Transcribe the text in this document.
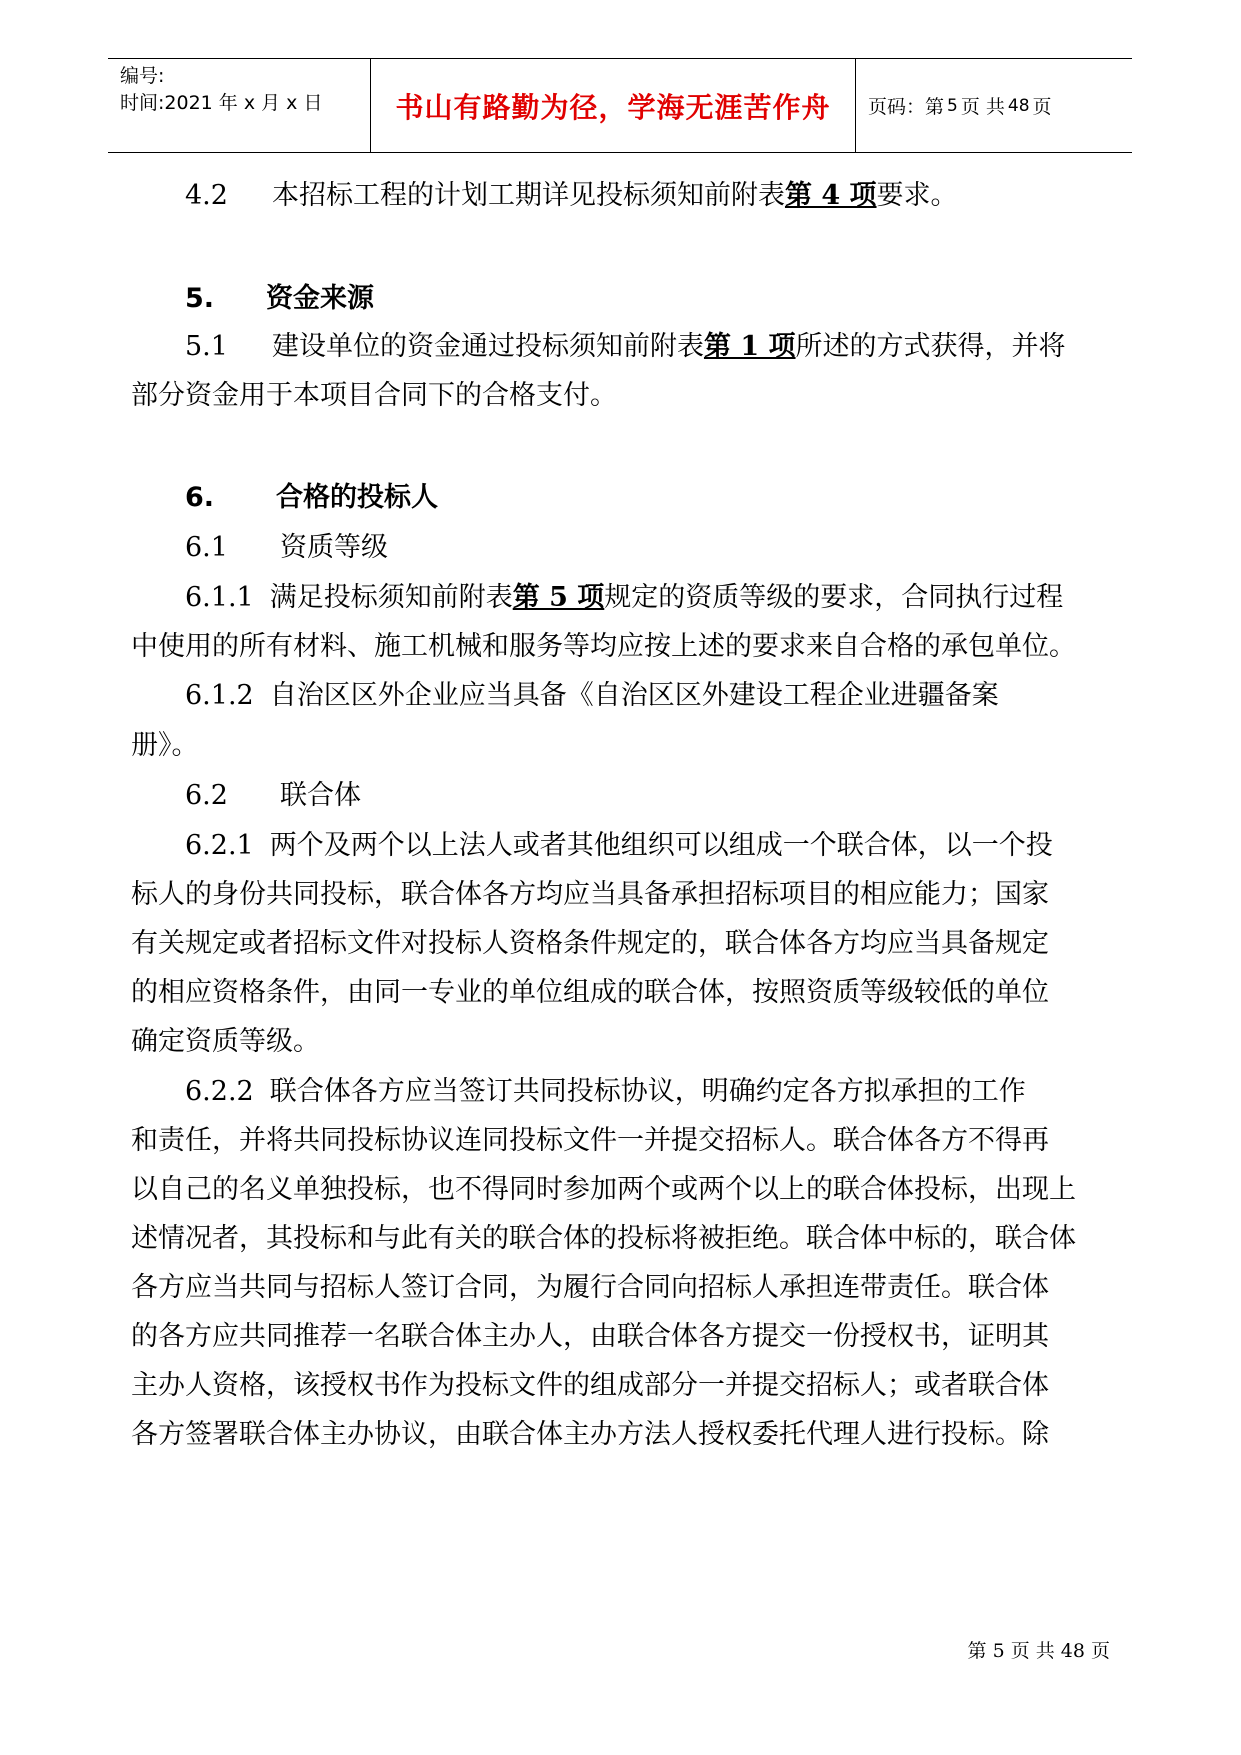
编号:
时间:2021 年 x 月 x 日	书山有路勤为径，学海无涯苦作舟	页码：第 5 页 共 48 页
4.2 本招标工程的计划工期详见投标须知前附表第 4 项要求。
5. 资金来源
5.1 建设单位的资金通过投标须知前附表第 1 项所述的方式获得，并将
部分资金用于本项目合同下的合格支付。
6. 合格的投标人
6.1 资质等级
6.1.1 满足投标须知前附表第 5 项规定的资质等级的要求，合同执行过程
中使用的所有材料、施工机械和服务等均应按上述的要求来自合格的承包单位。
6.1.2 自治区区外企业应当具备《自治区区外建设工程企业进疆备案
册》。
6.2 联合体
6.2.1 两个及两个以上法人或者其他组织可以组成一个联合体，以一个投
标人的身份共同投标，联合体各方均应当具备承担招标项目的相应能力；国家
有关规定或者招标文件对投标人资格条件规定的，联合体各方均应当具备规定
的相应资格条件，由同一专业的单位组成的联合体，按照资质等级较低的单位
确定资质等级。
6.2.2 联合体各方应当签订共同投标协议，明确约定各方拟承担的工作
和责任，并将共同投标协议连同投标文件一并提交招标人。联合体各方不得再
以自己的名义单独投标，也不得同时参加两个或两个以上的联合体投标，出现上
述情况者，其投标和与此有关的联合体的投标将被拒绝。联合体中标的，联合体
各方应当共同与招标人签订合同，为履行合同向招标人承担连带责任。联合体
的各方应共同推荐一名联合体主办人，由联合体各方提交一份授权书，证明其
主办人资格，该授权书作为投标文件的组成部分一并提交招标人；或者联合体
各方签署联合体主办协议，由联合体主办方法人授权委托代理人进行投标。除
第 5 页 共 48 页
